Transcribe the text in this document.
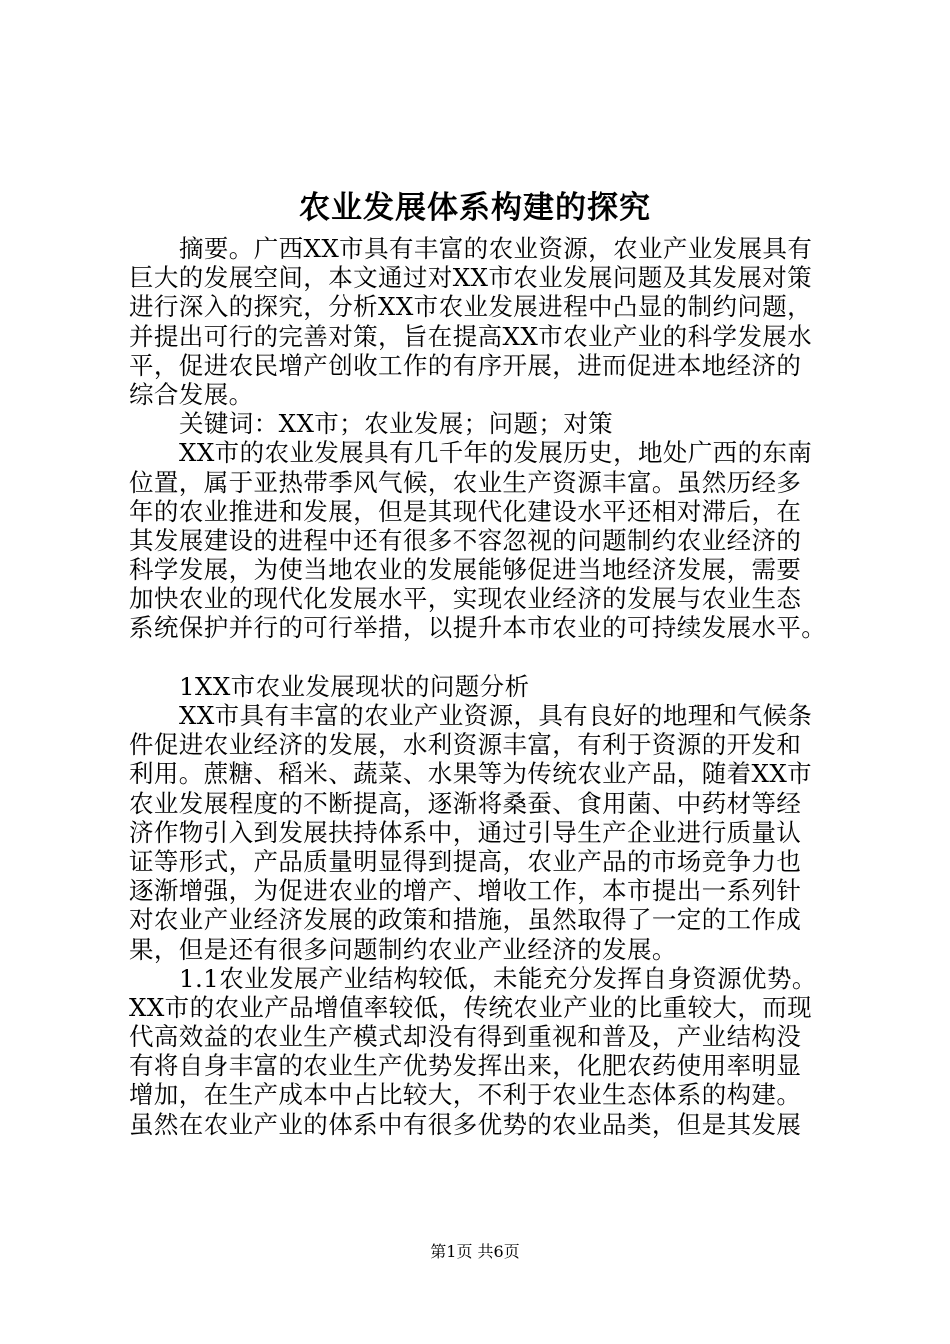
农业发展体系构建的探究
摘要。广西XX市具有丰富的农业资源，农业产业发展具有
巨大的发展空间，本文通过对XX市农业发展问题及其发展对策
进行深入的探究，分析XX市农业发展进程中凸显的制约问题，
并提出可行的完善对策，旨在提高XX市农业产业的科学发展水
平，促进农民增产创收工作的有序开展，进而促进本地经济的
综合发展。
关键词：XX市；农业发展；问题；对策
XX市的农业发展具有几千年的发展历史，地处广西的东南
位置，属于亚热带季风气候，农业生产资源丰富。虽然历经多
年的农业推进和发展，但是其现代化建设水平还相对滞后，在
其发展建设的进程中还有很多不容忽视的问题制约农业经济的
科学发展，为使当地农业的发展能够促进当地经济发展，需要
加快农业的现代化发展水平，实现农业经济的发展与农业生态
系统保护并行的可行举措，以提升本市农业的可持续发展水平。
1XX市农业发展现状的问题分析
XX市具有丰富的农业产业资源，具有良好的地理和气候条
件促进农业经济的发展，水利资源丰富，有利于资源的开发和
利用。蔗糖、稻米、蔬菜、水果等为传统农业产品，随着XX市
农业发展程度的不断提高，逐渐将桑蚕、食用菌、中药材等经
济作物引入到发展扶持体系中，通过引导生产企业进行质量认
证等形式，产品质量明显得到提高，农业产品的市场竞争力也
逐渐增强，为促进农业的增产、增收工作，本市提出一系列针
对农业产业经济发展的政策和措施，虽然取得了一定的工作成
果，但是还有很多问题制约农业产业经济的发展。
1.1农业发展产业结构较低，未能充分发挥自身资源优势。
XX市的农业产品增值率较低，传统农业产业的比重较大，而现
代高效益的农业生产模式却没有得到重视和普及，产业结构没
有将自身丰富的农业生产优势发挥出来，化肥农药使用率明显
增加，在生产成本中占比较大，不利于农业生态体系的构建。
虽然在农业产业的体系中有很多优势的农业品类，但是其发展
第1页 共6页
